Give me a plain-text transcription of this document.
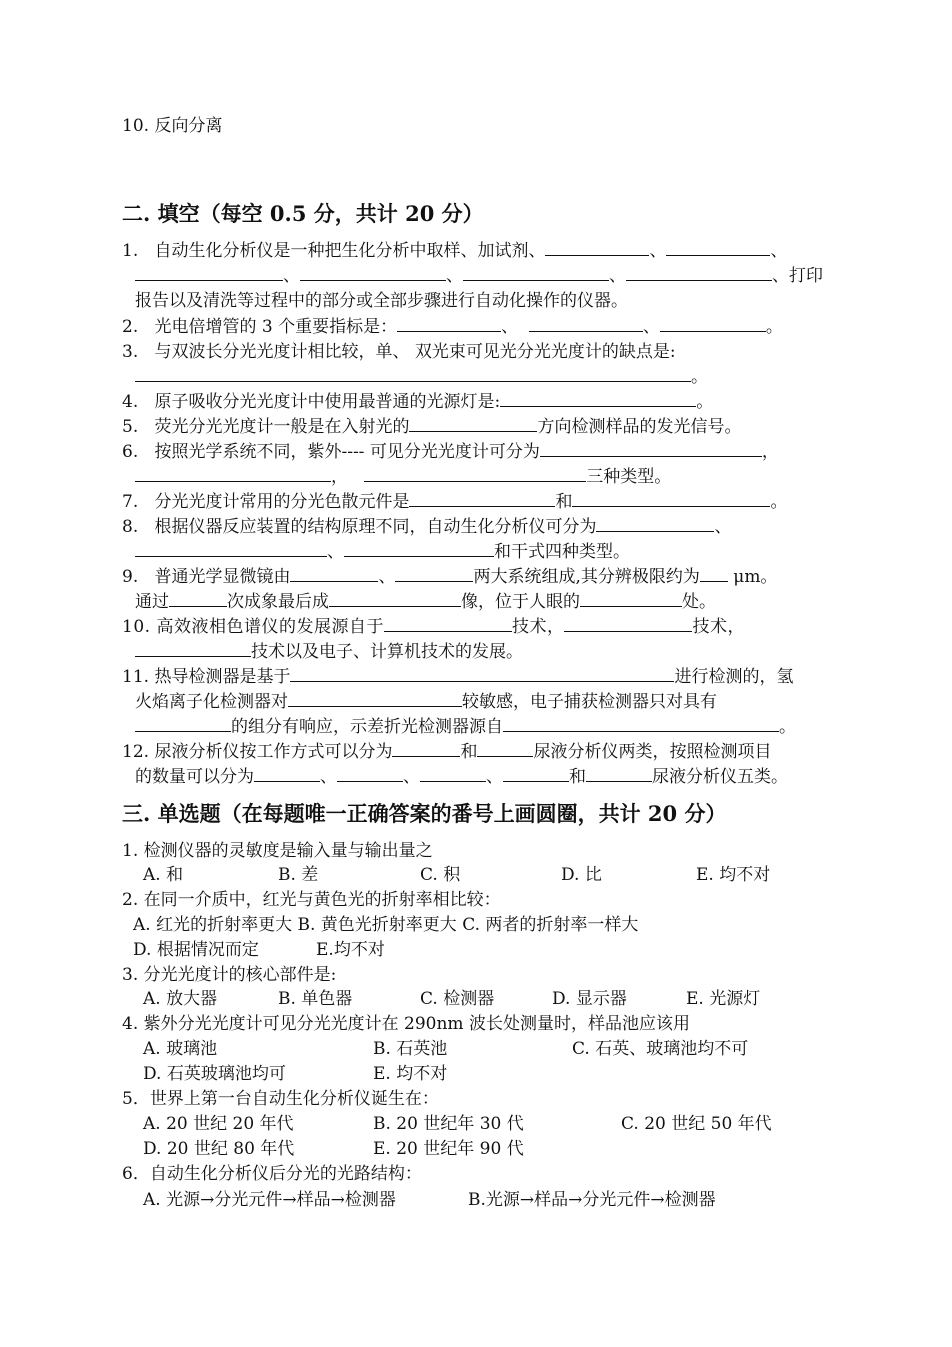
10. 反向分离
二. 填空（每空 0.5 分，共计 20 分）
1. 自动生化分析仪是一种把生化分析中取样、加试剂、	、	、
、	、	、	、打印
报告以及清洗等过程中的部分或全部步骤进行自动化操作的仪器。
2. 光电倍增管的 3 个重要指标是：	、	、	。
3. 与双波长分光光度计相比较，单、 双光束可见光分光光度计的缺点是:
。
4. 原子吸收分光光度计中使用最普通的光源灯是:	。
5. 荧光分光光度计一般是在入射光的	方向检测样品的发光信号。
6. 按照光学系统不同，紫外---- 可见分光光度计可分为	，
，	三种类型。
7. 分光光度计常用的分光色散元件是	和	。
8. 根据仪器反应装置的结构原理不同，自动生化分析仪可分为	、
、	和干式四种类型。
9. 普通光学显微镜由	、	两大系统组成,其分辨极限约为 μm。
通过	次成象最后成	像，位于人眼的	处。
10. 高效液相色谱仪的发展源自于	技术，	技术，
技术以及电子、计算机技术的发展。
11. 热导检测器是基于	进行检测的，氢
火焰离子化检测器对	较敏感，电子捕获检测器只对具有
的组分有响应，示差折光检测器源自	。
12. 尿液分析仪按工作方式可以分为	和	尿液分析仪两类，按照检测项目
的数量可以分为	、	、	、	和	尿液分析仪五类。
三. 单选题（在每题唯一正确答案的番号上画圆圈，共计 20 分）
1. 检测仪器的灵敏度是输入量与输出量之
A. 和	B. 差	C. 积	D. 比	E. 均不对
2. 在同一介质中，红光与黄色光的折射率相比较：
A. 红光的折射率更大 B. 黄色光折射率更大 C. 两者的折射率一样大
D. 根据情况而定	E.均不对
3. 分光光度计的核心部件是:
A. 放大器	B. 单色器	C. 检测器	D. 显示器	E. 光源灯
4. 紫外分光光度计可见分光光度计在 290nm 波长处测量时，样品池应该用
A. 玻璃池	B. 石英池	C. 石英、玻璃池均不可
D. 石英玻璃池均可	E. 均不对
5．世界上第一台自动生化分析仪诞生在：
A. 20 世纪 20 年代	B. 20 世纪年 30 代	C. 20 世纪 50 年代
D. 20 世纪 80 年代	E. 20 世纪年 90 代
6．自动生化分析仪后分光的光路结构：
A. 光源→分光元件→样品→检测器	B.光源→样品→分光元件→检测器
